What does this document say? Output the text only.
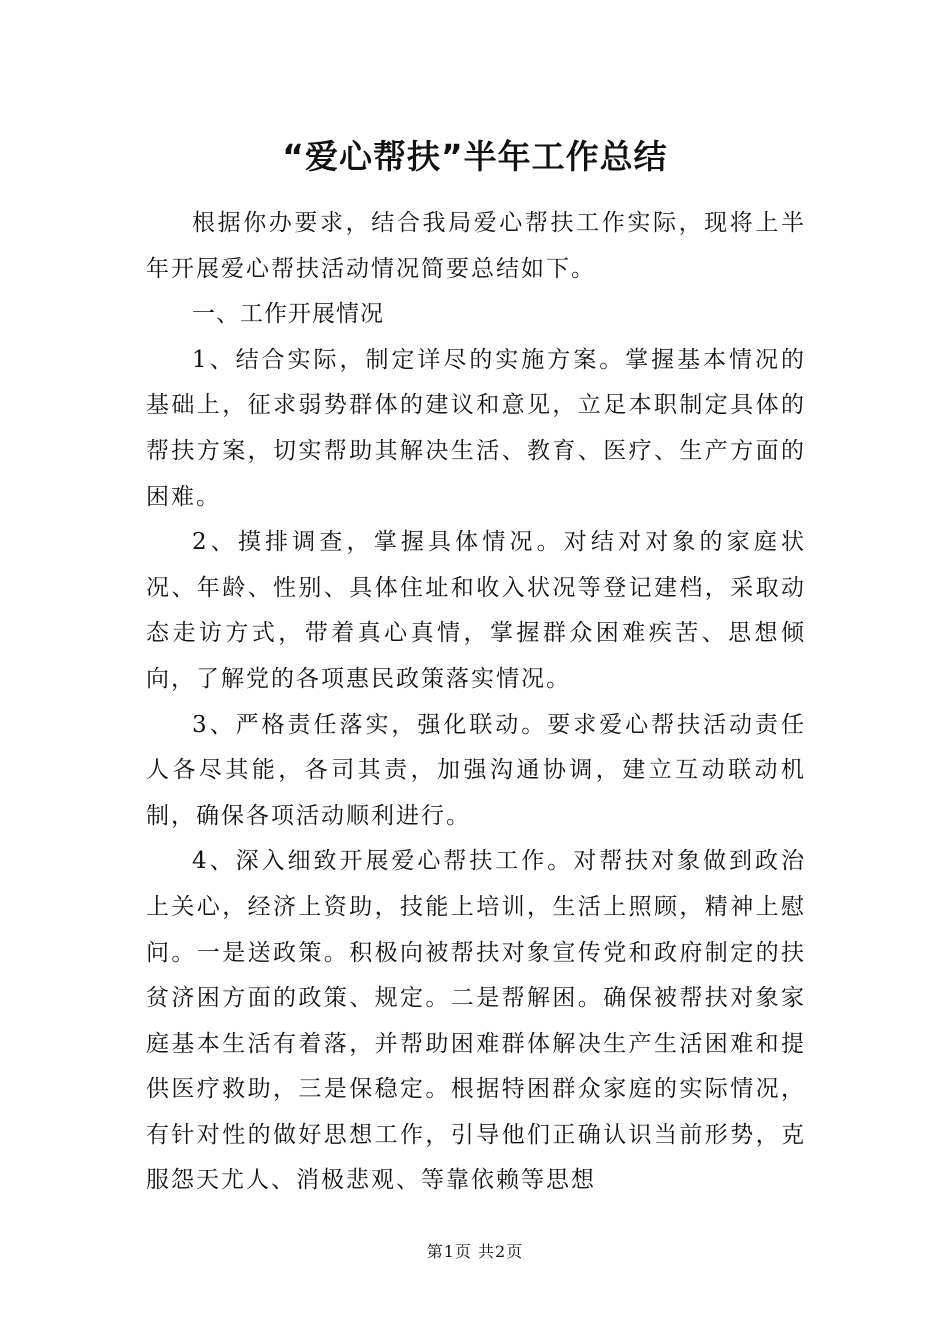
“爱心帮扶”半年工作总结

根据你办要求，结合我局爱心帮扶工作实际，现将上半年开展爱心帮扶活动情况简要总结如下。

一、工作开展情况

1、结合实际，制定详尽的实施方案。掌握基本情况的基础上，征求弱势群体的建议和意见，立足本职制定具体的帮扶方案，切实帮助其解决生活、教育、医疗、生产方面的困难。

2、摸排调查，掌握具体情况。对结对对象的家庭状况、年龄、性别、具体住址和收入状况等登记建档，采取动态走访方式，带着真心真情，掌握群众困难疾苦、思想倾向，了解党的各项惠民政策落实情况。

3、严格责任落实，强化联动。要求爱心帮扶活动责任人各尽其能，各司其责，加强沟通协调，建立互动联动机制，确保各项活动顺利进行。

4、深入细致开展爱心帮扶工作。对帮扶对象做到政治上关心，经济上资助，技能上培训，生活上照顾，精神上慰问。一是送政策。积极向被帮扶对象宣传党和政府制定的扶贫济困方面的政策、规定。二是帮解困。确保被帮扶对象家庭基本生活有着落，并帮助困难群体解决生产生活困难和提供医疗救助，三是保稳定。根据特困群众家庭的实际情况，有针对性的做好思想工作，引导他们正确认识当前形势，克服怨天尤人、消极悲观、等靠依赖等思想

第1页 共2页
